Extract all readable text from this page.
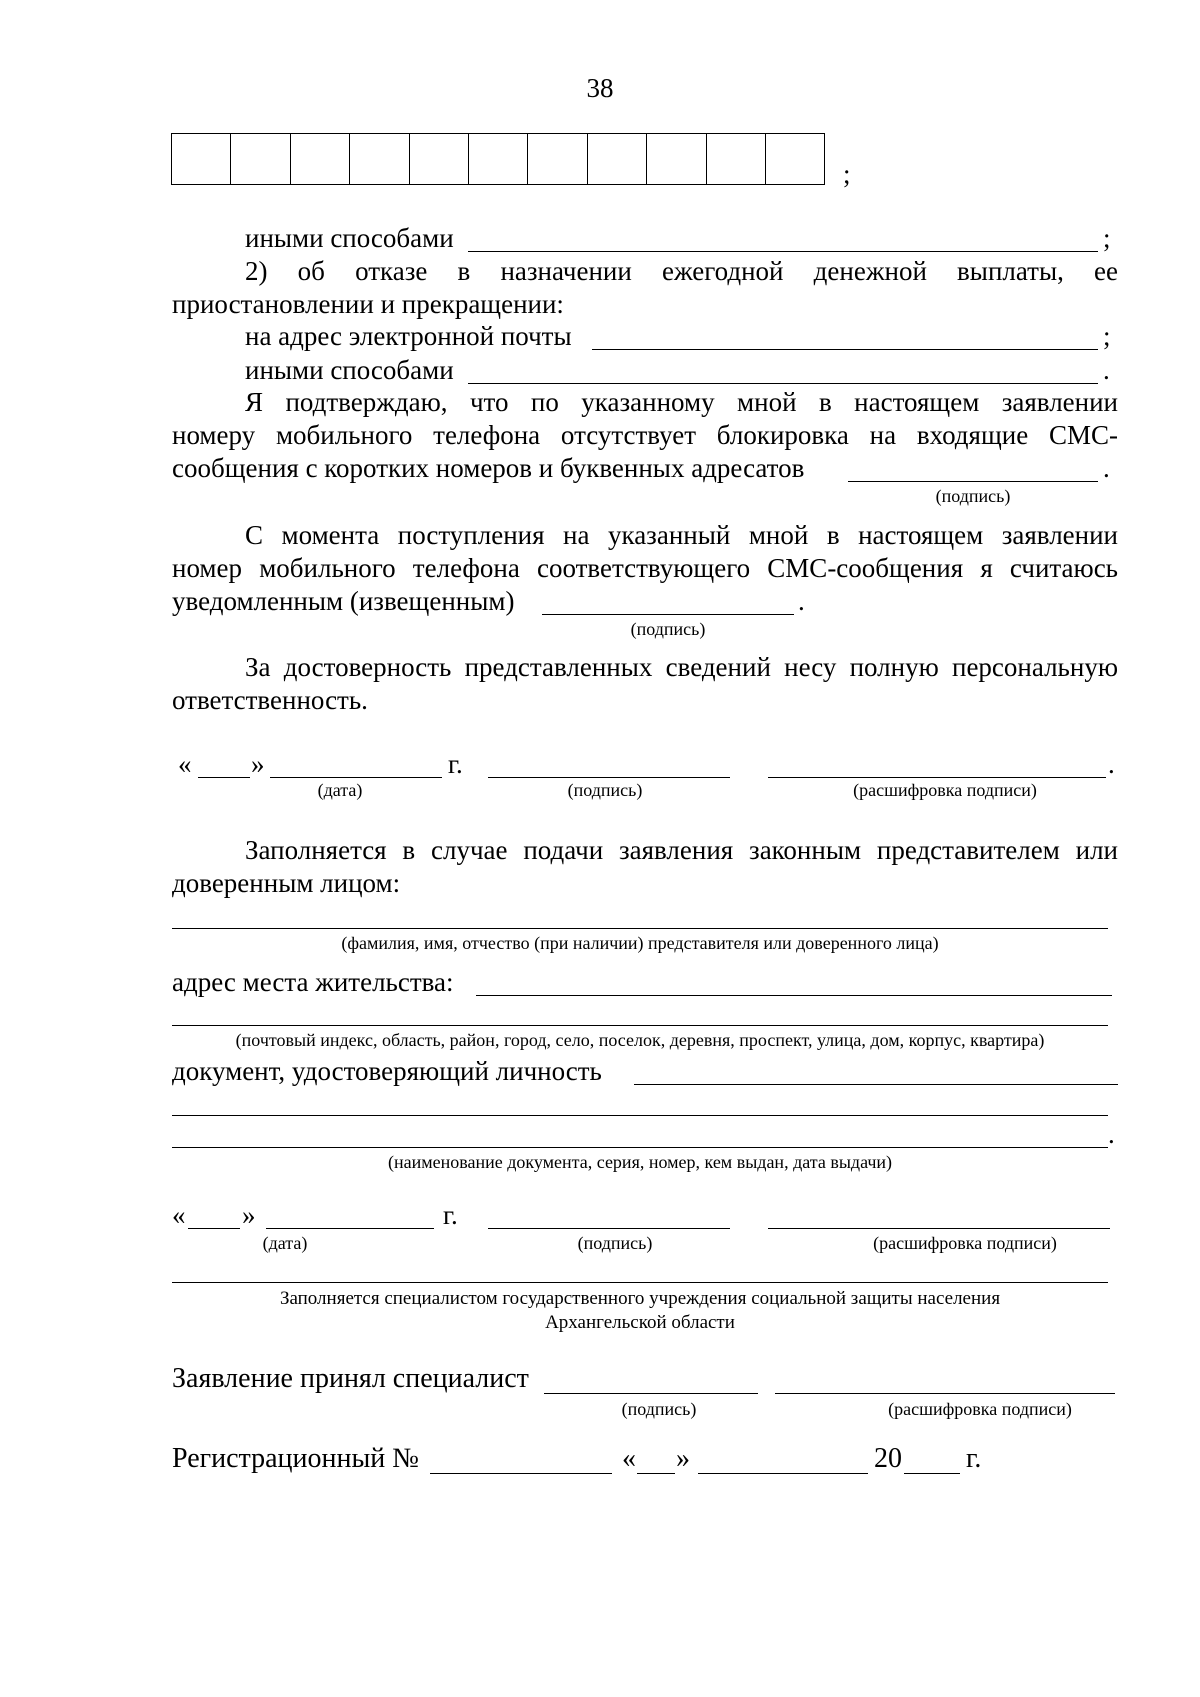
38
;
иными способами	;
2) об отказе в назначении ежегодной денежной выплаты, ее
приостановлении и прекращении:
на адрес электронной почты	;
иными способами	.
Я подтверждаю, что по указанному мной в настоящем заявлении
номеру мобильного телефона отсутствует блокировка на входящие СМС-
сообщения с коротких номеров и буквенных адресатов	.
(подпись)
С момента поступления на указанный мной в настоящем заявлении
номер мобильного телефона соответствующего СМС-сообщения я считаюсь
уведомленным (извещенным)	.
(подпись)
За достоверность представленных сведений несу полную персональную
ответственность.
« »	г.	.
(дата)	(подпись)	(расшифровка подписи)
Заполняется в случае подачи заявления законным представителем или
доверенным лицом:
(фамилия, имя, отчество (при наличии) представителя или доверенного лица)
адрес места жительства:
(почтовый индекс, область, район, город, село, поселок, деревня, проспект, улица, дом, корпус, квартира)
документ, удостоверяющий личность
.
(наименование документа, серия, номер, кем выдан, дата выдачи)
« »	г.
(дата)	(подпись)	(расшифровка подписи)
Заполняется специалистом государственного учреждения социальной защиты населения
Архангельской области
Заявление принял специалист
(подпись)	(расшифровка подписи)
Регистрационный №	« »	20 г.
